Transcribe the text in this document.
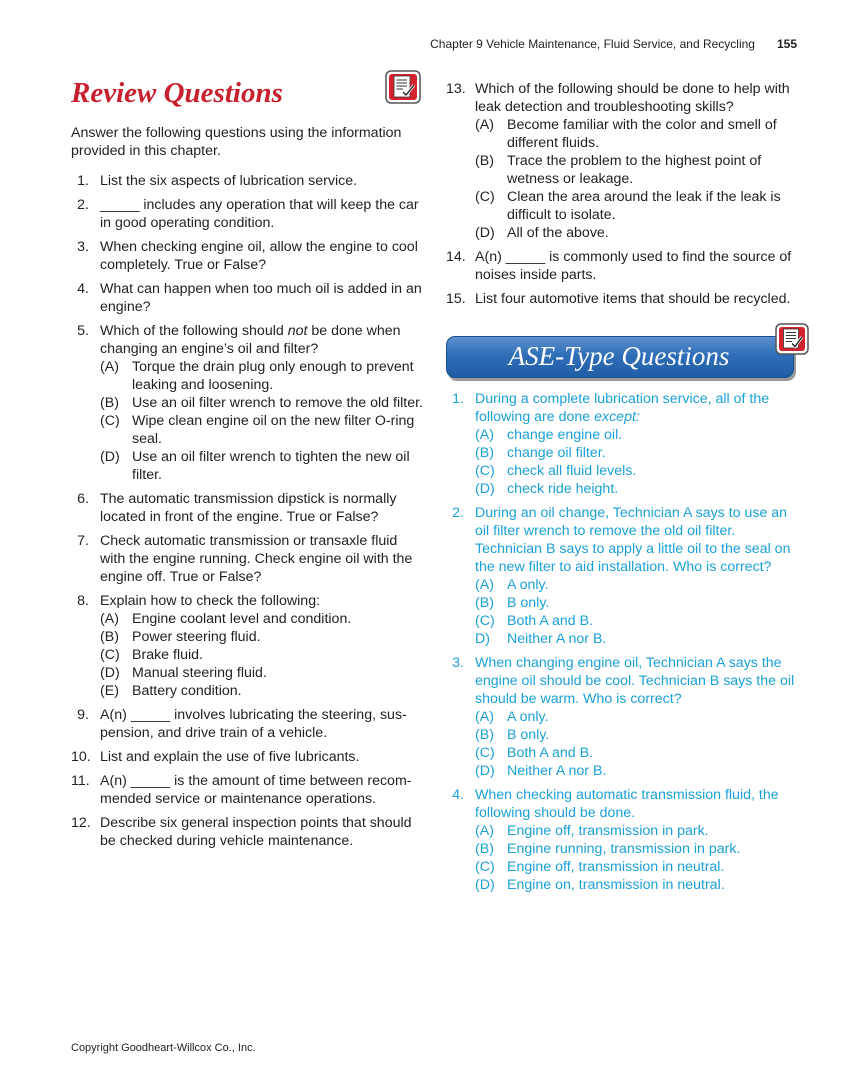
Chapter 9 Vehicle Maintenance, Fluid Service, and Recycling 155
Review Questions

Answer the following questions using the information provided in this chapter.

1. List the six aspects of lubrication service.
2. _____ includes any operation that will keep the car in good operating condition.
3. When checking engine oil, allow the engine to cool completely. True or False?
4. What can happen when too much oil is added in an engine?
5. Which of the following should not be done when changing an engine’s oil and filter?
(A) Torque the drain plug only enough to prevent leaking and loosening.
(B) Use an oil filter wrench to remove the old filter.
(C) Wipe clean engine oil on the new filter O-ring seal.
(D) Use an oil filter wrench to tighten the new oil filter.
6. The automatic transmission dipstick is normally located in front of the engine. True or False?
7. Check automatic transmission or transaxle fluid with the engine running. Check engine oil with the engine off. True or False?
8. Explain how to check the following:
(A) Engine coolant level and condition.
(B) Power steering fluid.
(C) Brake fluid.
(D) Manual steering fluid.
(E) Battery condition.
9. A(n) _____ involves lubricating the steering, sus-pension, and drive train of a vehicle.
10. List and explain the use of five lubricants.
11. A(n) _____ is the amount of time between recom-mended service or maintenance operations.
12. Describe six general inspection points that should be checked during vehicle maintenance.
13. Which of the following should be done to help with leak detection and troubleshooting skills?
(A) Become familiar with the color and smell of different fluids.
(B) Trace the problem to the highest point of wetness or leakage.
(C) Clean the area around the leak if the leak is difficult to isolate.
(D) All of the above.
14. A(n) _____ is commonly used to find the source of noises inside parts.
15. List four automotive items that should be recycled.
ASE-Type Questions
1. During a complete lubrication service, all of the following are done except:
(A) change engine oil.
(B) change oil filter.
(C) check all fluid levels.
(D) check ride height.
2. During an oil change, Technician A says to use an oil filter wrench to remove the old oil filter. Technician B says to apply a little oil to the seal on the new filter to aid installation. Who is correct?
(A) A only.
(B) B only.
(C) Both A and B.
D) Neither A nor B.
3. When changing engine oil, Technician A says the engine oil should be cool. Technician B says the oil should be warm. Who is correct?
(A) A only.
(B) B only.
(C) Both A and B.
(D) Neither A nor B.
4. When checking automatic transmission fluid, the following should be done.
(A) Engine off, transmission in park.
(B) Engine running, transmission in park.
(C) Engine off, transmission in neutral.
(D) Engine on, transmission in neutral.
Copyright Goodheart-Willcox Co., Inc.
